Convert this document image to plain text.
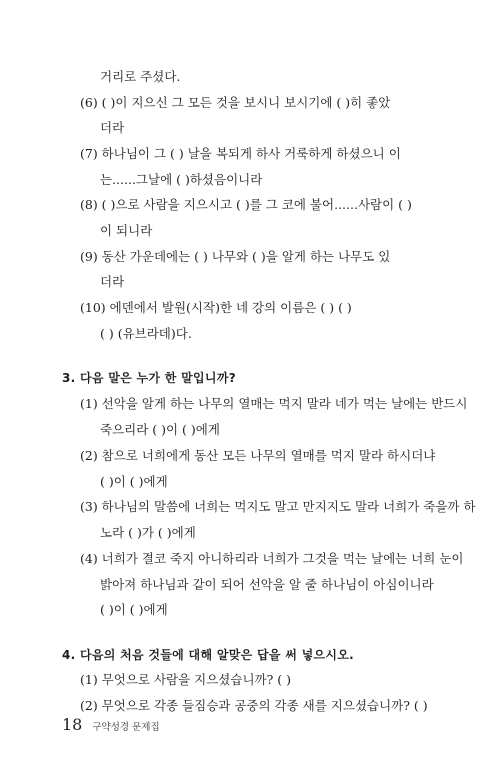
거리로 주셨다.
(6) ( )이 지으신 그 모든 것을 보시니 보시기에 ( )히 좋았
더라
(7) 하나님이 그 ( ) 날을 복되게 하사 거룩하게 하셨으니 이
는......그날에 ( )하셨음이니라
(8) ( )으로 사람을 지으시고 ( )를 그 코에 불어......사람이 ( )
이 되니라
(9) 동산 가운데에는 ( ) 나무와 ( )을 알게 하는 나무도 있
더라
(10) 에덴에서 발원(시작)한 네 강의 이름은 ( ) ( )
( ) (유브라데)다.
3. 다음 말은 누가 한 말입니까?
(1) 선악을 알게 하는 나무의 열매는 먹지 말라 네가 먹는 날에는 반드시
죽으리라 ( )이 ( )에게
(2) 참으로 너희에게 동산 모든 나무의 열매를 먹지 말라 하시더냐
( )이 ( )에게
(3) 하나님의 말씀에 너희는 먹지도 말고 만지지도 말라 너희가 죽을까 하
노라 ( )가 ( )에게
(4) 너희가 결코 죽지 아니하리라 너희가 그것을 먹는 날에는 너희 눈이
밝아져 하나님과 같이 되어 선악을 알 줄 하나님이 아심이니라
( )이 ( )에게
4. 다음의 처음 것들에 대해 알맞은 답을 써 넣으시오.
(1) 무엇으로 사람을 지으셨습니까? ( )
(2) 무엇으로 각종 들짐승과 공중의 각종 새를 지으셨습니까? ( )
18 구약성경 문제집
